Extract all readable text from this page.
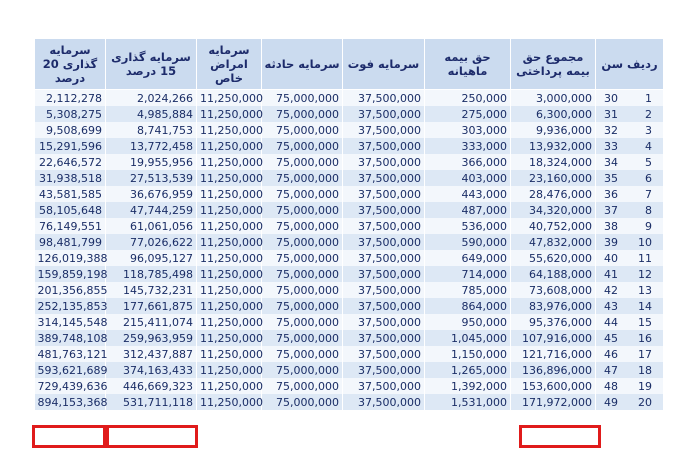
سرمایه گذاری 20 درصد	سرمایه گذاری 15 درصد	سرمایه امراض خاص	سرمایه حادثه	سرمایه فوت	حق بیمه ماهیانه	مجموع حق بیمه پرداختی	ردیف سن
2,112,278	2,024,266	11,250,000	75,000,000	37,500,000	250,000	3,000,000	30 1
5,308,275	4,985,884	11,250,000	75,000,000	37,500,000	275,000	6,300,000	31 2
9,508,699	8,741,753	11,250,000	75,000,000	37,500,000	303,000	9,936,000	32 3
15,291,596	13,772,458	11,250,000	75,000,000	37,500,000	333,000	13,932,000	33 4
22,646,572	19,955,956	11,250,000	75,000,000	37,500,000	366,000	18,324,000	34 5
31,938,518	27,513,539	11,250,000	75,000,000	37,500,000	403,000	23,160,000	35 6
43,581,585	36,676,959	11,250,000	75,000,000	37,500,000	443,000	28,476,000	36 7
58,105,648	47,744,259	11,250,000	75,000,000	37,500,000	487,000	34,320,000	37 8
76,149,551	61,061,056	11,250,000	75,000,000	37,500,000	536,000	40,752,000	38 9
98,481,799	77,026,622	11,250,000	75,000,000	37,500,000	590,000	47,832,000	39 10
126,019,388	96,095,127	11,250,000	75,000,000	37,500,000	649,000	55,620,000	40 11
159,859,198	118,785,498	11,250,000	75,000,000	37,500,000	714,000	64,188,000	41 12
201,356,855	145,732,231	11,250,000	75,000,000	37,500,000	785,000	73,608,000	42 13
252,135,853	177,661,875	11,250,000	75,000,000	37,500,000	864,000	83,976,000	43 14
314,145,548	215,411,074	11,250,000	75,000,000	37,500,000	950,000	95,376,000	44 15
389,748,108	259,963,959	11,250,000	75,000,000	37,500,000	1,045,000	107,916,000	45 16
481,763,121	312,437,887	11,250,000	75,000,000	37,500,000	1,150,000	121,716,000	46 17
593,621,689	374,163,433	11,250,000	75,000,000	37,500,000	1,265,000	136,896,000	47 18
729,439,636	446,669,323	11,250,000	75,000,000	37,500,000	1,392,000	153,600,000	48 19
894,153,368	531,711,118	11,250,000	75,000,000	37,500,000	1,531,000	171,972,000	49 20
